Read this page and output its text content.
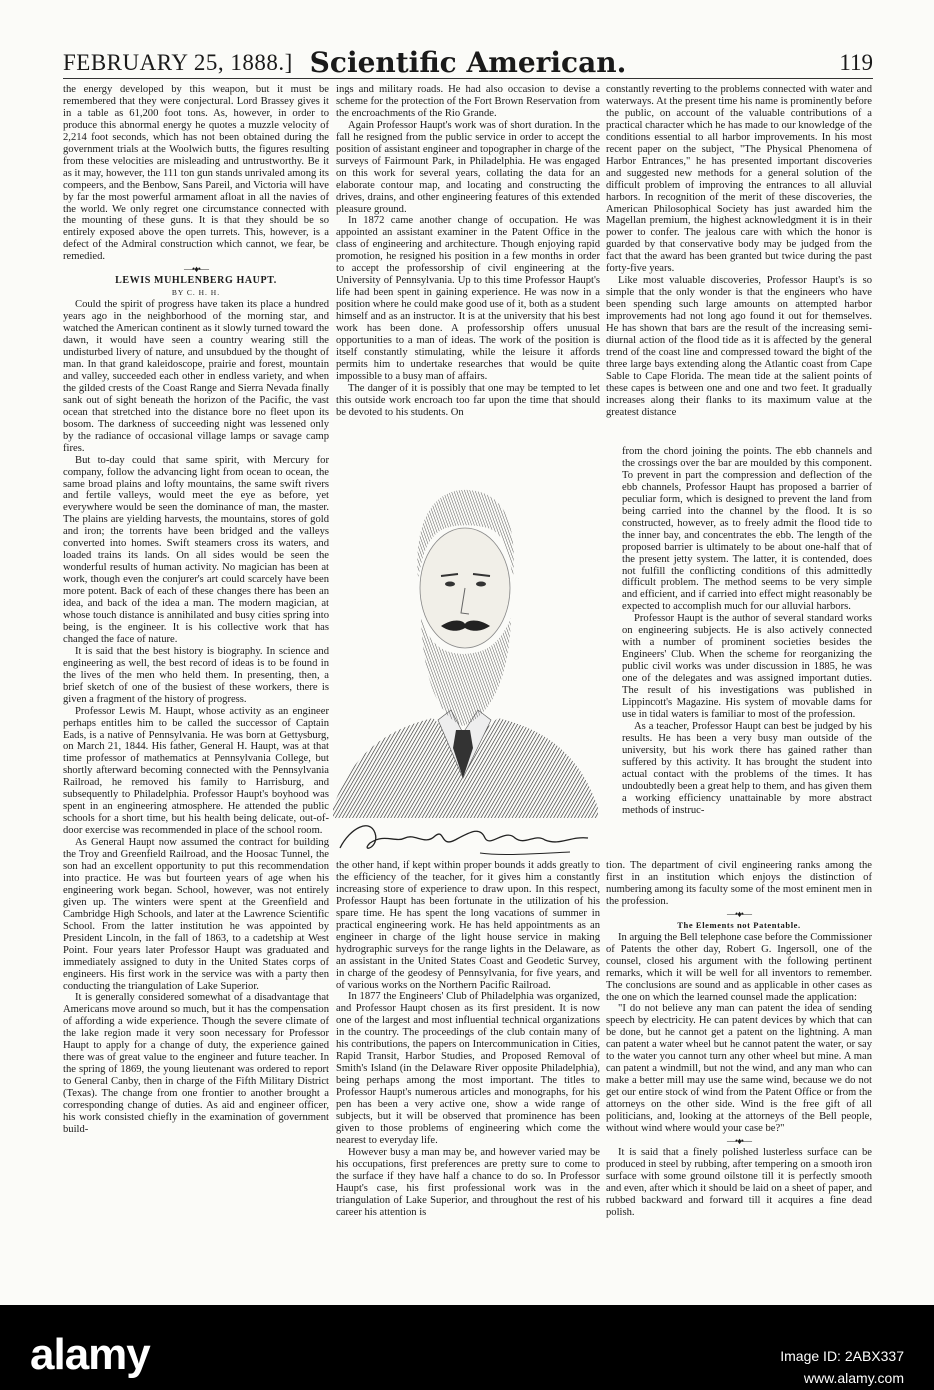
FEBRUARY 25, 1888.] Scientific American.	119

the energy developed by this weapon, but it must be remembered that they were conjectural. Lord Brassey gives it in a table as 61,200 foot tons. As, however, in order to produce this abnormal energy he quotes a muzzle velocity of 2,214 foot seconds, which has not been obtained during the government trials at the Woolwich butts, the figures resulting from these velocities are misleading and untrustworthy. Be it as it may, however, the 111 ton gun stands unrivaled among its compeers, and the Benbow, Sans Pareil, and Victoria will have by far the most powerful armament afloat in all the navies of the world. We only regret one circumstance connected with the mounting of these guns. It is that they should be so entirely exposed above the open turrets. This, however, is a defect of the Admiral construction which cannot, we fear, be remedied.

—•♦•—

LEWIS MUHLENBERG HAUPT.

BY C. H. H.

Could the spirit of progress have taken its place a hundred years ago in the neighborhood of the morning star, and watched the American continent as it slowly turned toward the dawn, it would have seen a country wearing still the undisturbed livery of nature, and unsubdued by the thought of man. In that grand kaleidoscope, prairie and forest, mountain and valley, succeeded each other in endless variety, and when the gilded crests of the Coast Range and Sierra Nevada finally sank out of sight beneath the horizon of the Pacific, the vast ocean that stretched into the distance bore no fleet upon its bosom. The darkness of succeeding night was lessened only by the radiance of occasional village lamps or savage camp fires.

But to-day could that same spirit, with Mercury for company, follow the advancing light from ocean to ocean, the same broad plains and lofty mountains, the same swift rivers and fertile valleys, would meet the eye as before, yet everywhere would be seen the dominance of man, the master. The plains are yielding harvests, the mountains, stores of gold and iron; the torrents have been bridged and the valleys converted into homes. Swift steamers cross its waters, and loaded trains its lands. On all sides would be seen the wonderful results of human activity. No magician has been at work, though even the conjurer's art could scarcely have been more potent. Back of each of these changes there has been an idea, and back of the idea a man. The modern magician, at whose touch distance is annihilated and busy cities spring into being, is the engineer. It is his collective work that has changed the face of nature.

It is said that the best history is biography. In science and engineering as well, the best record of ideas is to be found in the lives of the men who held them. In presenting, then, a brief sketch of one of the busiest of these workers, there is given a fragment of the history of progress.

Professor Lewis M. Haupt, whose activity as an engineer perhaps entitles him to be called the successor of Captain Eads, is a native of Pennsylvania. He was born at Gettysburg, on March 21, 1844. His father, General H. Haupt, was at that time professor of mathematics at Pennsylvania College, but shortly afterward becoming connected with the Pennsylvania Railroad, he removed his family to Harrisburg, and subsequently to Philadelphia. Professor Haupt's boyhood was spent in an engineering atmosphere. He attended the public schools for a short time, but his health being delicate, out-of-door exercise was recommended in place of the school room.

As General Haupt now assumed the contract for building the Troy and Greenfield Railroad, and the Hoosac Tunnel, the son had an excellent opportunity to put this recommendation into practice. He was but fourteen years of age when his engineering work began. School, however, was not entirely given up. The winters were spent at the Greenfield and Cambridge High Schools, and later at the Lawrence Scientific School. From the latter institution he was appointed by President Lincoln, in the fall of 1863, to a cadetship at West Point. Four years later Professor Haupt was graduated and immediately assigned to duty in the United States corps of engineers. His first work in the service was with a party then conducting the triangulation of Lake Superior.

It is generally considered somewhat of a disadvantage that Americans move around so much, but it has the compensation of affording a wide experience. Though the severe climate of the lake region made it very soon necessary for Professor Haupt to apply for a change of duty, the experience gained there was of great value to the engineer and future teacher. In the spring of 1869, the young lieutenant was ordered to report to General Canby, then in charge of the Fifth Military District (Texas). The change from one frontier to another brought a corresponding change of duties. As aid and engineer officer, his work consisted chiefly in the examination of government build-

ings and military roads. He had also occasion to devise a scheme for the protection of the Fort Brown Reservation from the encroachments of the Rio Grande.

Again Professor Haupt's work was of short duration. In the fall he resigned from the public service in order to accept the position of assistant engineer and topographer in charge of the surveys of Fairmount Park, in Philadelphia. He was engaged on this work for several years, collating the data for an elaborate contour map, and locating and constructing the drives, drains, and other engineering features of this extended pleasure ground.

In 1872 came another change of occupation. He was appointed an assistant examiner in the Patent Office in the class of engineering and architecture. Though enjoying rapid promotion, he resigned his position in a few months in order to accept the professorship of civil engineering at the University of Pennsylvania. Up to this time Professor Haupt's life had been spent in gaining experience. He was now in a position where he could make good use of it, both as a student himself and as an instructor. It is at the university that his best work has been done. A professorship offers unusual opportunities to a man of ideas. The work of the position is itself constantly stimulating, while the leisure it affords permits him to undertake researches that would be quite impossible to a busy man of affairs.

The danger of it is possibly that one may be tempted to let this outside work encroach too far upon the time that should be devoted to his students. On

Lewis M Haupt

the other hand, if kept within proper bounds it adds greatly to the efficiency of the teacher, for it gives him a constantly increasing store of experience to draw upon. In this respect, Professor Haupt has been fortunate in the utilization of his spare time. He has spent the long vacations of summer in practical engineering work. He has held appointments as an engineer in charge of the light house service in making hydrographic surveys for the range lights in the Delaware, as an assistant in the United States Coast and Geodetic Survey, in charge of the geodesy of Pennsylvania, for five years, and of various works on the Northern Pacific Railroad.

In 1877 the Engineers' Club of Philadelphia was organized, and Professor Haupt chosen as its first president. It is now one of the largest and most influential technical organizations in the country. The proceedings of the club contain many of his contributions, the papers on Intercommunication in Cities, Rapid Transit, Harbor Studies, and Proposed Removal of Smith's Island (in the Delaware River opposite Philadelphia), being perhaps among the most important. The titles to Professor Haupt's numerous articles and monographs, for his pen has been a very active one, show a wide range of subjects, but it will be observed that prominence has been given to those problems of engineering which come the nearest to everyday life.

However busy a man may be, and however varied may be his occupations, first preferences are pretty sure to come to the surface if they have half a chance to do so. In Professor Haupt's case, his first professional work was in the triangulation of Lake Superior, and throughout the rest of his career his attention is

constantly reverting to the problems connected with water and waterways. At the present time his name is prominently before the public, on account of the valuable contributions of a practical character which he has made to our knowledge of the conditions essential to all harbor improvements. In his most recent paper on the subject, "The Physical Phenomena of Harbor Entrances," he has presented important discoveries and suggested new methods for a general solution of the difficult problem of improving the entrances to all alluvial harbors. In recognition of the merit of these discoveries, the American Philosophical Society has just awarded him the Magellan premium, the highest acknowledgment it is in their power to confer. The jealous care with which the honor is guarded by that conservative body may be judged from the fact that the award has been granted but twice during the past forty-five years.

Like most valuable discoveries, Professor Haupt's is so simple that the only wonder is that the engineers who have been spending such large amounts on attempted harbor improvements had not long ago found it out for themselves. He has shown that bars are the result of the increasing semi-diurnal action of the flood tide as it is affected by the general trend of the coast line and compressed toward the bight of the three large bays extending along the Atlantic coast from Cape Sable to Cape Florida. The mean tide at the salient points of these capes is between one and one and two feet. It gradually increases along their flanks to its maximum value at the greatest distance

from the chord joining the points. The ebb channels and the crossings over the bar are moulded by this component. To prevent in part the compression and deflection of the ebb channels, Professor Haupt has proposed a barrier of peculiar form, which is designed to prevent the land from being carried into the channel by the flood. It is so constructed, however, as to freely admit the flood tide to the inner bay, and concentrates the ebb. The length of the proposed barrier is ultimately to be about one-half that of the present jetty system. The latter, it is contended, does not fulfill the conflicting conditions of this admittedly difficult problem. The method seems to be very simple and efficient, and if carried into effect might reasonably be expected to accomplish much for our alluvial harbors.

Professor Haupt is the author of several standard works on engineering subjects. He is also actively connected with a number of prominent societies besides the Engineers' Club. When the scheme for reorganizing the public civil works was under discussion in 1885, he was one of the delegates and was assigned important duties. The result of his investigations was published in Lippincott's Magazine. His system of movable dams for use in tidal waters is familiar to most of the profession.

As a teacher, Professor Haupt can best be judged by his results. He has been a very busy man outside of the university, but his work there has gained rather than suffered by this activity. It has brought the student into actual contact with the problems of the times. It has undoubtedly been a great help to them, and has given them a working efficiency unattainable by more abstract methods of instruc-

tion. The department of civil engineering ranks among the first in an institution which enjoys the distinction of numbering among its faculty some of the most eminent men in the profession.

—•♦•—

The Elements not Patentable.

In arguing the Bell telephone case before the Commissioner of Patents the other day, Robert G. Ingersoll, one of the counsel, closed his argument with the following pertinent remarks, which it will be well for all inventors to remember. The conclusions are sound and as applicable in other cases as the one on which the learned counsel made the application:

"I do not believe any man can patent the idea of sending speech by electricity. He can patent devices by which that can be done, but he cannot get a patent on the lightning. A man can patent a water wheel but he cannot patent the water, or say to the water you cannot turn any other wheel but mine. A man can patent a windmill, but not the wind, and any man who can make a better mill may use the same wind, because we do not get our entire stock of wind from the Patent Office or from the attorneys on the other side. Wind is the free gift of all politicians, and, looking at the attorneys of the Bell people, without wind where would your case be?"

—•♦•—

It is said that a finely polished lusterless surface can be produced in steel by rubbing, after tempering on a smooth iron surface with some ground oilstone till it is perfectly smooth and even, after which it should be laid on a sheet of paper, and rubbed backward and forward till it acquires a fine dead polish.

alamy	Image ID: 2ABX337
www.alamy.com
